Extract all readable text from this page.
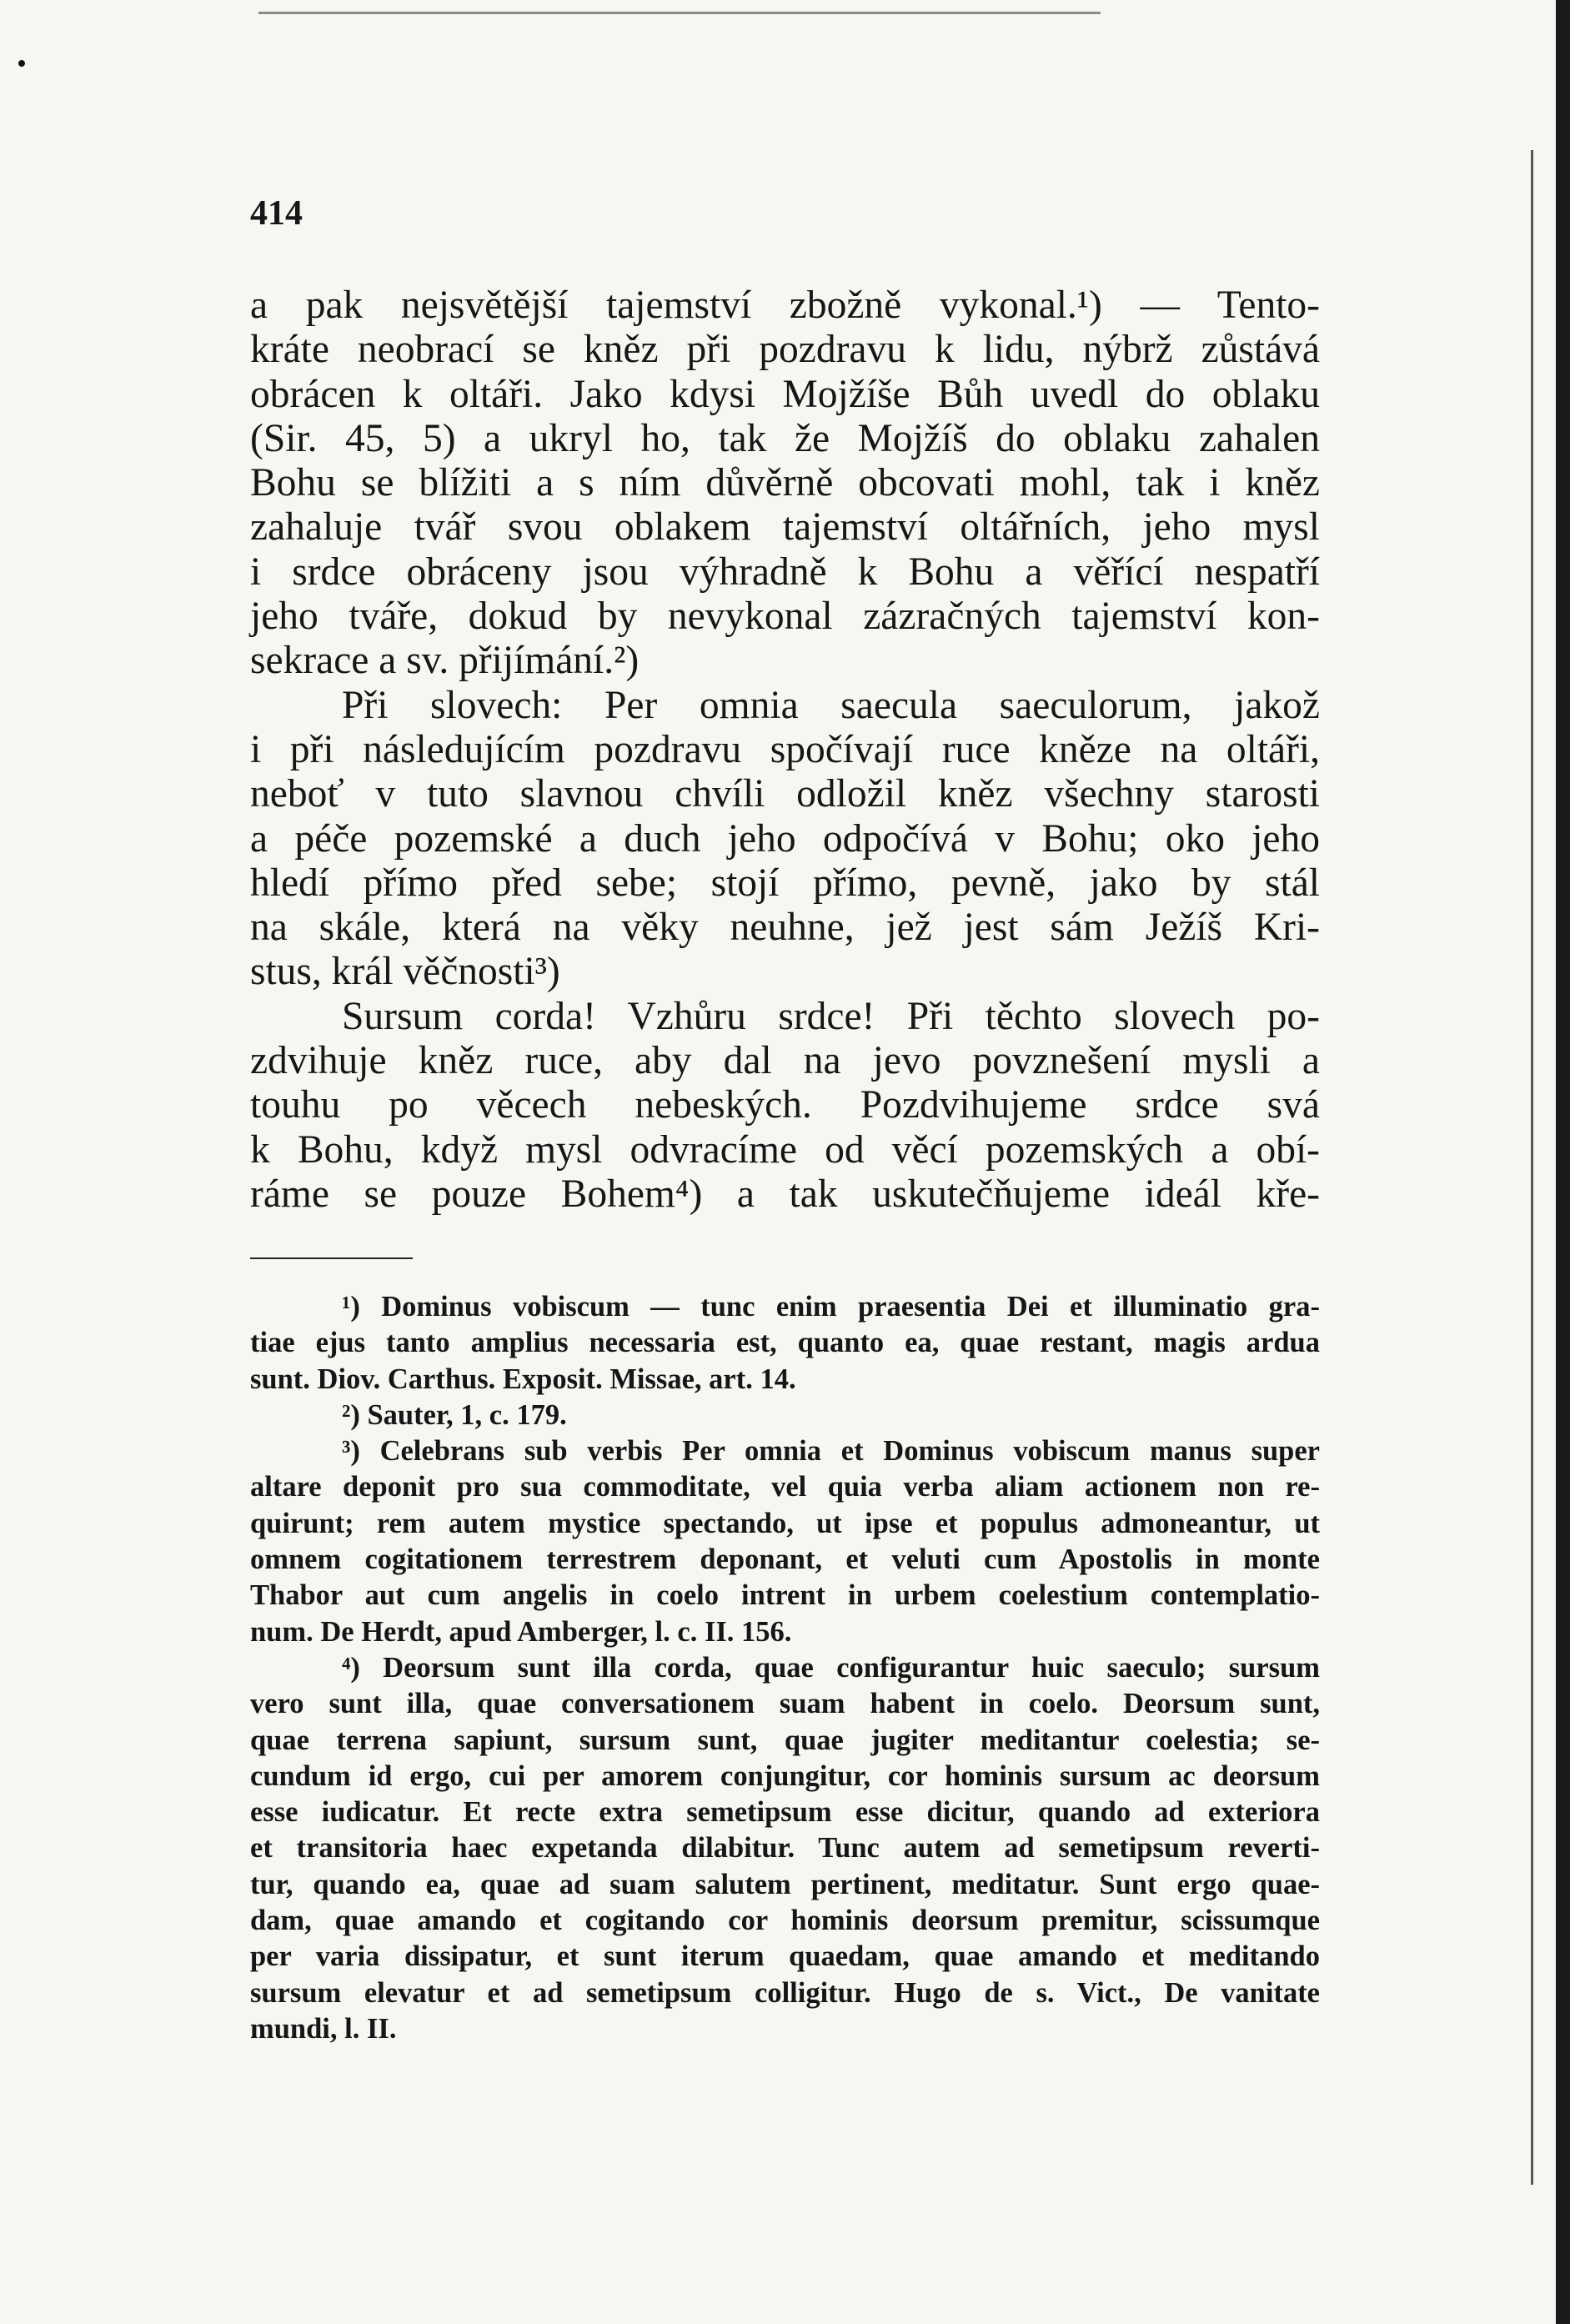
414
a pak nejsvětější tajemství zbožně vykonal.¹) — Tento-
kráte neobrací se kněz při pozdravu k lidu, nýbrž zůstává
obrácen k oltáři. Jako kdysi Mojžíše Bůh uvedl do oblaku
(Sir. 45, 5) a ukryl ho, tak že Mojžíš do oblaku zahalen
Bohu se blížiti a s ním důvěrně obcovati mohl, tak i kněz
zahaluje tvář svou oblakem tajemství oltářních, jeho mysl
i srdce obráceny jsou výhradně k Bohu a věřící nespatří
jeho tváře, dokud by nevykonal zázračných tajemství kon-
sekrace a sv. přijímání.²)
Při slovech: Per omnia saecula saeculorum, jakož
i při následujícím pozdravu spočívají ruce kněze na oltáři,
neboť v tuto slavnou chvíli odložil kněz všechny starosti
a péče pozemské a duch jeho odpočívá v Bohu; oko jeho
hledí přímo před sebe; stojí přímo, pevně, jako by stál
na skále, která na věky neuhne, jež jest sám Ježíš Kri-
stus, král věčnosti³)
Sursum corda! Vzhůru srdce! Při těchto slovech po-
zdvihuje kněz ruce, aby dal na jevo povznešení mysli a
touhu po věcech nebeských. Pozdvihujeme srdce svá
k Bohu, když mysl odvracíme od věcí pozemských a obí-
ráme se pouze Bohem⁴) a tak uskutečňujeme ideál kře-
¹) Dominus vobiscum — tunc enim praesentia Dei et illuminatio gra-
tiae ejus tanto amplius necessaria est, quanto ea, quae restant, magis ardua
sunt. Diov. Carthus. Exposit. Missae, art. 14.
²) Sauter, 1, c. 179.
³) Celebrans sub verbis Per omnia et Dominus vobiscum manus super
altare deponit pro sua commoditate, vel quia verba aliam actionem non re-
quirunt; rem autem mystice spectando, ut ipse et populus admoneantur, ut
omnem cogitationem terrestrem deponant, et veluti cum Apostolis in monte
Thabor aut cum angelis in coelo intrent in urbem coelestium contemplatio-
num. De Herdt, apud Amberger, l. c. II. 156.
⁴) Deorsum sunt illa corda, quae configurantur huic saeculo; sursum
vero sunt illa, quae conversationem suam habent in coelo. Deorsum sunt,
quae terrena sapiunt, sursum sunt, quae jugiter meditantur coelestia; se-
cundum id ergo, cui per amorem conjungitur, cor hominis sursum ac deorsum
esse iudicatur. Et recte extra semetipsum esse dicitur, quando ad exteriora
et transitoria haec expetanda dilabitur. Tunc autem ad semetipsum reverti-
tur, quando ea, quae ad suam salutem pertinent, meditatur. Sunt ergo quae-
dam, quae amando et cogitando cor hominis deorsum premitur, scissumque
per varia dissipatur, et sunt iterum quaedam, quae amando et meditando
sursum elevatur et ad semetipsum colligitur. Hugo de s. Vict., De vanitate
mundi, l. II.
